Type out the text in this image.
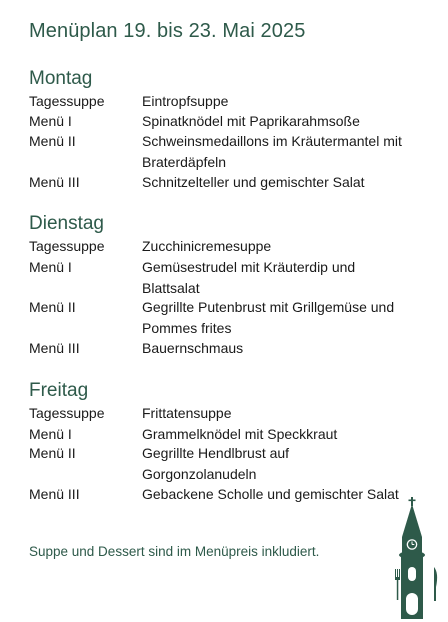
Menüplan 19. bis 23. Mai 2025
Montag
Tagessuppe	Eintropfsuppe
Menü I	Spinatknödel mit Paprikarahmsoße
Menü II	Schweinsmedaillons im Kräutermantel mit Braterdäpfeln
Menü III	Schnitzelteller und gemischter Salat
Dienstag
Tagessuppe	Zucchinicremesuppe
Menü I	Gemüsestrudel mit Kräuterdip und Blattsalat
Menü II	Gegrillte Putenbrust mit Grillgemüse und Pommes frites
Menü III	Bauernschmaus
Freitag
Tagessuppe	Frittatensuppe
Menü I	Grammelknödel mit Speckkraut
Menü II	Gegrillte Hendlbrust auf Gorgonzolanudeln
Menü III	Gebackene Scholle und gemischter Salat
Suppe und Dessert sind im Menüpreis inkludiert.
